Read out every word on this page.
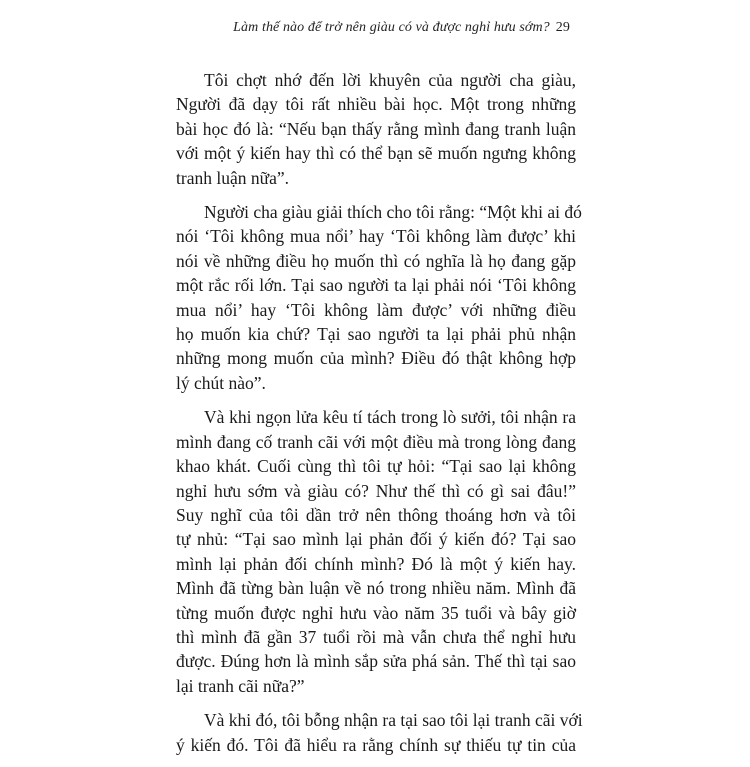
Làm thế nào để trở nên giàu có và được nghỉ hưu sớm? 29
Tôi chợt nhớ đến lời khuyên của người cha giàu,
Người đã dạy tôi rất nhiều bài học. Một trong những
bài học đó là: “Nếu bạn thấy rằng mình đang tranh luận
với một ý kiến hay thì có thể bạn sẽ muốn ngưng không
tranh luận nữa”.
Người cha giàu giải thích cho tôi rằng: “Một khi ai đó
nói ‘Tôi không mua nổi’ hay ‘Tôi không làm được’ khi
nói về những điều họ muốn thì có nghĩa là họ đang gặp
một rắc rối lớn. Tại sao người ta lại phải nói ‘Tôi không
mua nổi’ hay ‘Tôi không làm được’ với những điều
họ muốn kia chứ? Tại sao người ta lại phải phủ nhận
những mong muốn của mình? Điều đó thật không hợp
lý chút nào”.
Và khi ngọn lửa kêu tí tách trong lò sưởi, tôi nhận ra
mình đang cố tranh cãi với một điều mà trong lòng đang
khao khát. Cuối cùng thì tôi tự hỏi: “Tại sao lại không
nghỉ hưu sớm và giàu có? Như thế thì có gì sai đâu!”
Suy nghĩ của tôi dần trở nên thông thoáng hơn và tôi
tự nhủ: “Tại sao mình lại phản đối ý kiến đó? Tại sao
mình lại phản đối chính mình? Đó là một ý kiến hay.
Mình đã từng bàn luận về nó trong nhiều năm. Mình đã
từng muốn được nghỉ hưu vào năm 35 tuổi và bây giờ
thì mình đã gần 37 tuổi rồi mà vẫn chưa thể nghỉ hưu
được. Đúng hơn là mình sắp sửa phá sản. Thế thì tại sao
lại tranh cãi nữa?”
Và khi đó, tôi bỗng nhận ra tại sao tôi lại tranh cãi với
ý kiến đó. Tôi đã hiểu ra rằng chính sự thiếu tự tin của
